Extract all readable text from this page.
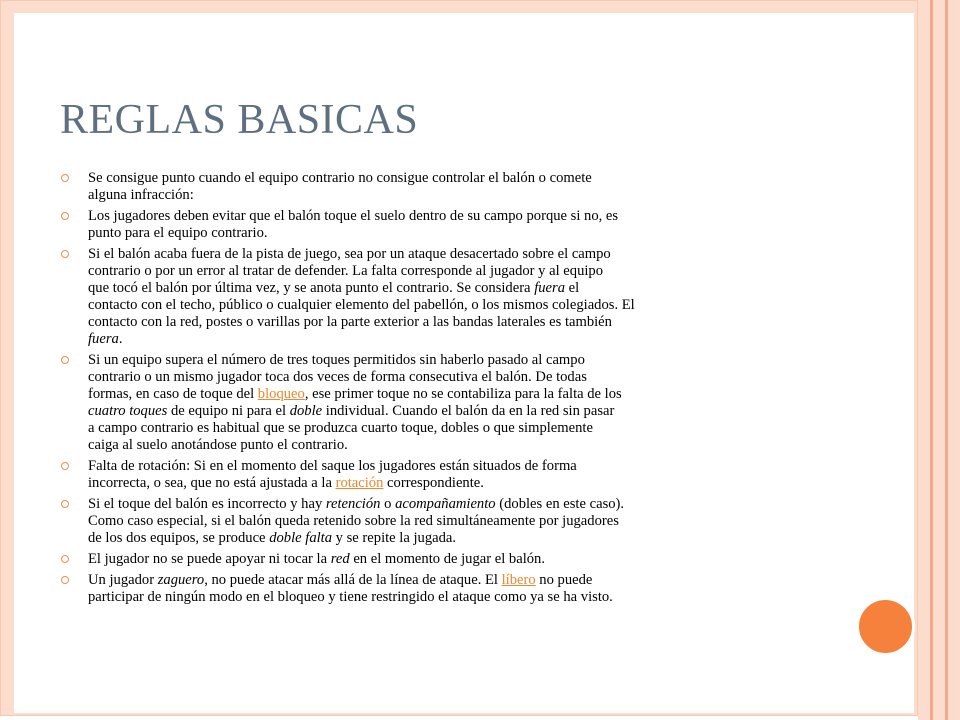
REGLAS BASICAS
Se consigue punto cuando el equipo contrario no consigue controlar el balón o comete
alguna infracción:
Los jugadores deben evitar que el balón toque el suelo dentro de su campo porque si no, es
punto para el equipo contrario.
Si el balón acaba fuera de la pista de juego, sea por un ataque desacertado sobre el campo
contrario o por un error al tratar de defender. La falta corresponde al jugador y al equipo
que tocó el balón por última vez, y se anota punto el contrario. Se considera fuera el
contacto con el techo, público o cualquier elemento del pabellón, o los mismos colegiados. El
contacto con la red, postes o varillas por la parte exterior a las bandas laterales es también
fuera.
Si un equipo supera el número de tres toques permitidos sin haberlo pasado al campo
contrario o un mismo jugador toca dos veces de forma consecutiva el balón. De todas
formas, en caso de toque del bloqueo, ese primer toque no se contabiliza para la falta de los
cuatro toques de equipo ni para el doble individual. Cuando el balón da en la red sin pasar
a campo contrario es habitual que se produzca cuarto toque, dobles o que simplemente
caiga al suelo anotándose punto el contrario.
Falta de rotación: Si en el momento del saque los jugadores están situados de forma
incorrecta, o sea, que no está ajustada a la rotación correspondiente.
Si el toque del balón es incorrecto y hay retención o acompañamiento (dobles en este caso).
Como caso especial, si el balón queda retenido sobre la red simultáneamente por jugadores
de los dos equipos, se produce doble falta y se repite la jugada.
El jugador no se puede apoyar ni tocar la red en el momento de jugar el balón.
Un jugador zaguero, no puede atacar más allá de la línea de ataque. El líbero no puede
participar de ningún modo en el bloqueo y tiene restringido el ataque como ya se ha visto.
